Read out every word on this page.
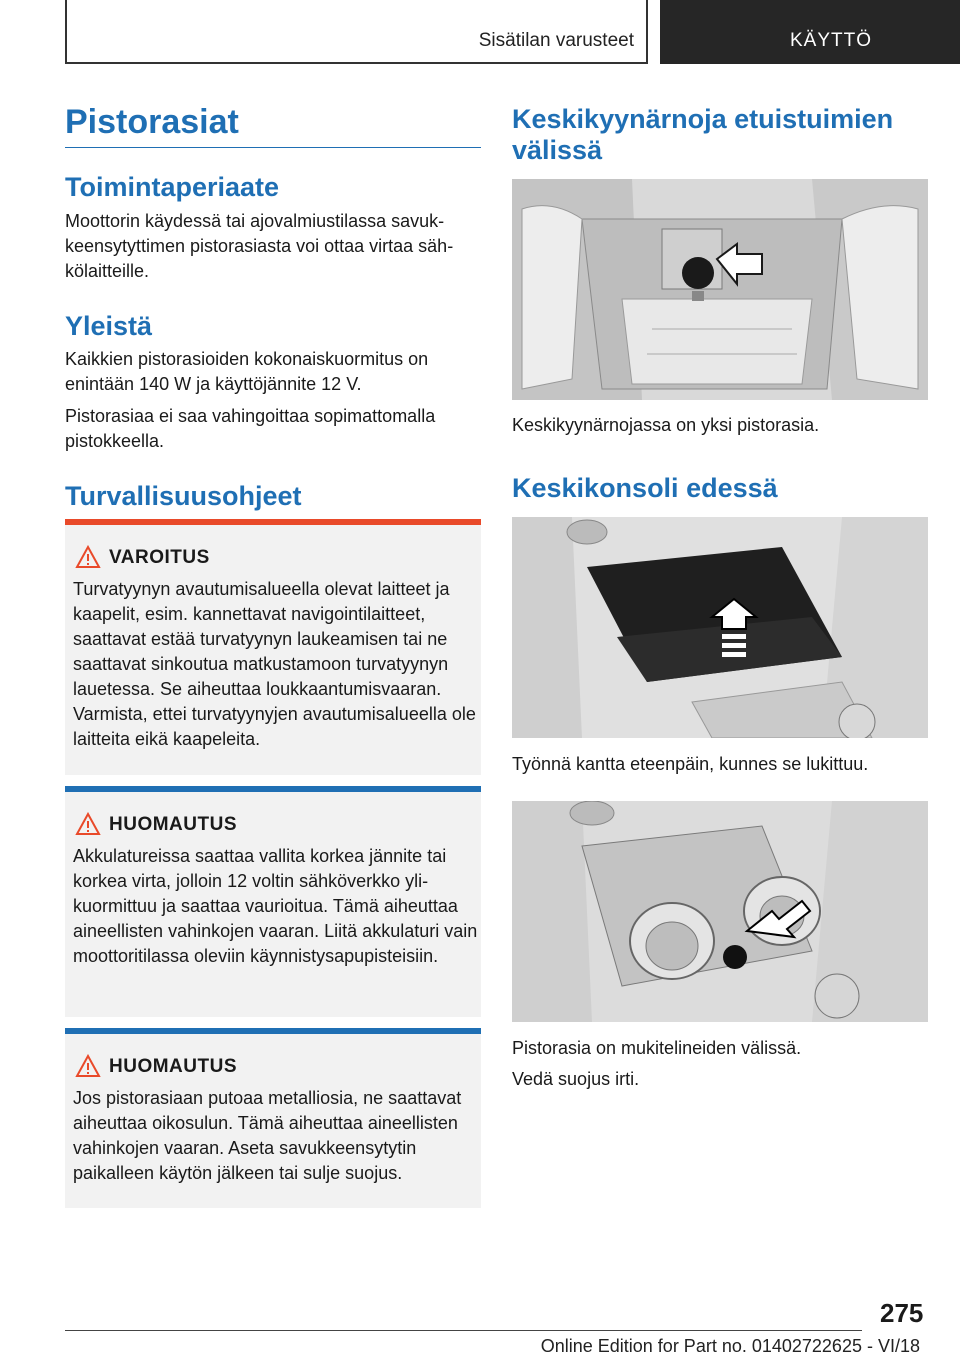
Sisätilan varusteet	KÄYTTÖ
Pistorasiat
Toimintaperiaate

Moottorin käydessä tai ajovalmiustilassa savukkeensytyttimen pistorasiasta voi ottaa virtaa sähkölaitteille.

Yleistä

Kaikkien pistorasioiden kokonaiskuormitus on enintään 140 W ja käyttöjännite 12 V.

Pistorasiaa ei saa vahingoittaa sopimattomalla pistokkeella.

Turvallisuusohjeet
VAROITUS

Turvatyynyn avautumisalueella olevat laitteet ja kaapelit, esim. kannettavat navigointilaitteet, saattavat estää turvatyynyn laukeamisen tai ne saattavat sinkoutua matkustamoon turvatyynyn lauetessa. Se aiheuttaa loukkaantumisvaaran. Varmista, ettei turvatyynyjen avautumisalueella ole laitteita eikä kaapeleita.

HUOMAUTUS

Akkulatureissa saattaa vallita korkea jännite tai korkea virta, jolloin 12 voltin sähköverkko ylikuormittuu ja saattaa vaurioitua. Tämä aiheuttaa aineellisten vahinkojen vaaran. Liitä akkulaturi vain moottoritilassa oleviin käynnistysapupisteisiin.

HUOMAUTUS

Jos pistorasiaan putoaa metalliosia, ne saattavat aiheuttaa oikosulun. Tämä aiheuttaa aineellisten vahinkojen vaaran. Aseta savukkeensytytin paikalleen käytön jälkeen tai sulje suojus.

Keskikyynärnoja etuistuimien välissä

Keskikyynärnojassa on yksi pistorasia.

Keskikonsoli edessä

Työnnä kantta eteenpäin, kunnes se lukittuu.

Pistorasia on mukitelineiden välissä.

Vedä suojus irti.

275
Online Edition for Part no. 01402722625 - VI/18
